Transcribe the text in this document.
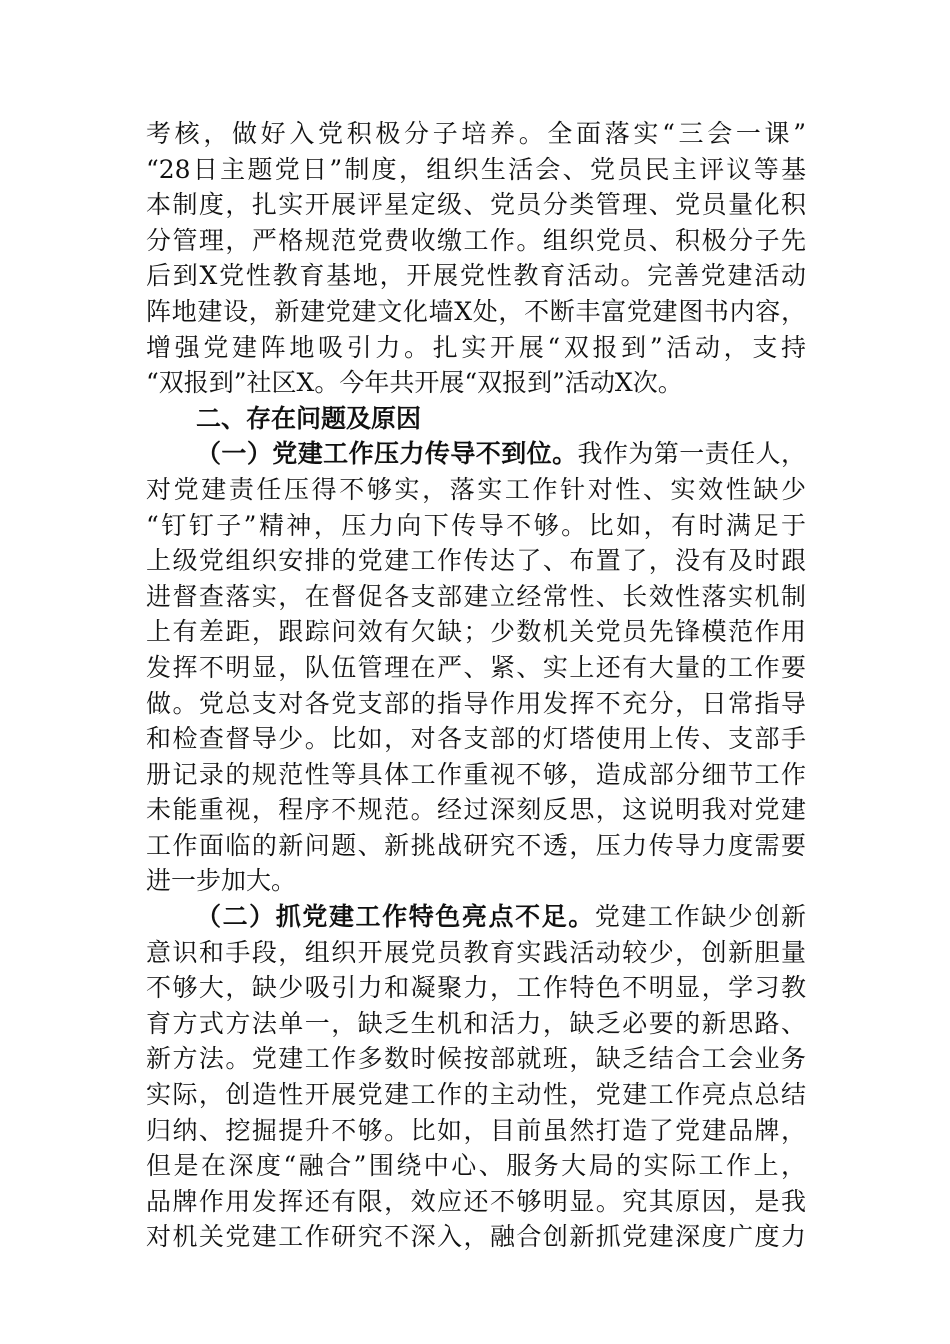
考核，做好入党积极分子培养。全面落实“三会一课”
“28日主题党日”制度，组织生活会、党员民主评议等基
本制度，扎实开展评星定级、党员分类管理、党员量化积
分管理，严格规范党费收缴工作。组织党员、积极分子先
后到X党性教育基地，开展党性教育活动。完善党建活动
阵地建设，新建党建文化墙X处，不断丰富党建图书内容，
增强党建阵地吸引力。扎实开展“双报到”活动，支持
“双报到”社区X。今年共开展“双报到”活动X次。
二、存在问题及原因
（一）党建工作压力传导不到位。我作为第一责任人，
对党建责任压得不够实，落实工作针对性、实效性缺少
“钉钉子”精神，压力向下传导不够。比如，有时满足于
上级党组织安排的党建工作传达了、布置了，没有及时跟
进督查落实，在督促各支部建立经常性、长效性落实机制
上有差距，跟踪问效有欠缺；少数机关党员先锋模范作用
发挥不明显，队伍管理在严、紧、实上还有大量的工作要
做。党总支对各党支部的指导作用发挥不充分，日常指导
和检查督导少。比如，对各支部的灯塔使用上传、支部手
册记录的规范性等具体工作重视不够，造成部分细节工作
未能重视，程序不规范。经过深刻反思，这说明我对党建
工作面临的新问题、新挑战研究不透，压力传导力度需要
进一步加大。
（二）抓党建工作特色亮点不足。党建工作缺少创新
意识和手段，组织开展党员教育实践活动较少，创新胆量
不够大，缺少吸引力和凝聚力，工作特色不明显，学习教
育方式方法单一，缺乏生机和活力，缺乏必要的新思路、
新方法。党建工作多数时候按部就班，缺乏结合工会业务
实际，创造性开展党建工作的主动性，党建工作亮点总结
归纳、挖掘提升不够。比如，目前虽然打造了党建品牌，
但是在深度“融合”围绕中心、服务大局的实际工作上，
品牌作用发挥还有限，效应还不够明显。究其原因，是我
对机关党建工作研究不深入，融合创新抓党建深度广度力
